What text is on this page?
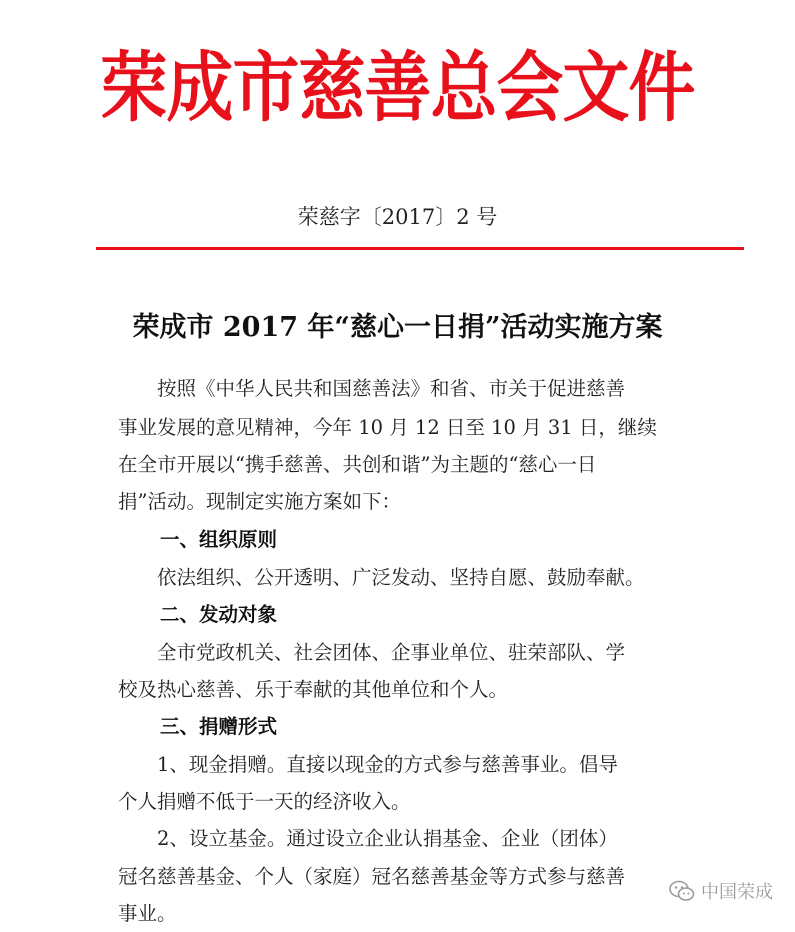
荣成市慈善总会文件
荣慈字〔2017〕2 号
荣成市 2017 年“慈心一日捐”活动实施方案
　　按照《中华人民共和国慈善法》和省、市关于促进慈善
事业发展的意见精神，今年 10 月 12 日至 10 月 31 日，继续
在全市开展以“携手慈善、共创和谐”为主题的“慈心一日
捐”活动。现制定实施方案如下：
一、组织原则
　　依法组织、公开透明、广泛发动、坚持自愿、鼓励奉献。
二、发动对象
　　全市党政机关、社会团体、企事业单位、驻荣部队、学
校及热心慈善、乐于奉献的其他单位和个人。
三、捐赠形式
　　1、现金捐赠。直接以现金的方式参与慈善事业。倡导
个人捐赠不低于一天的经济收入。
　　2、设立基金。通过设立企业认捐基金、企业（团体）
冠名慈善基金、个人（家庭）冠名慈善基金等方式参与慈善
事业。
中国荣成
